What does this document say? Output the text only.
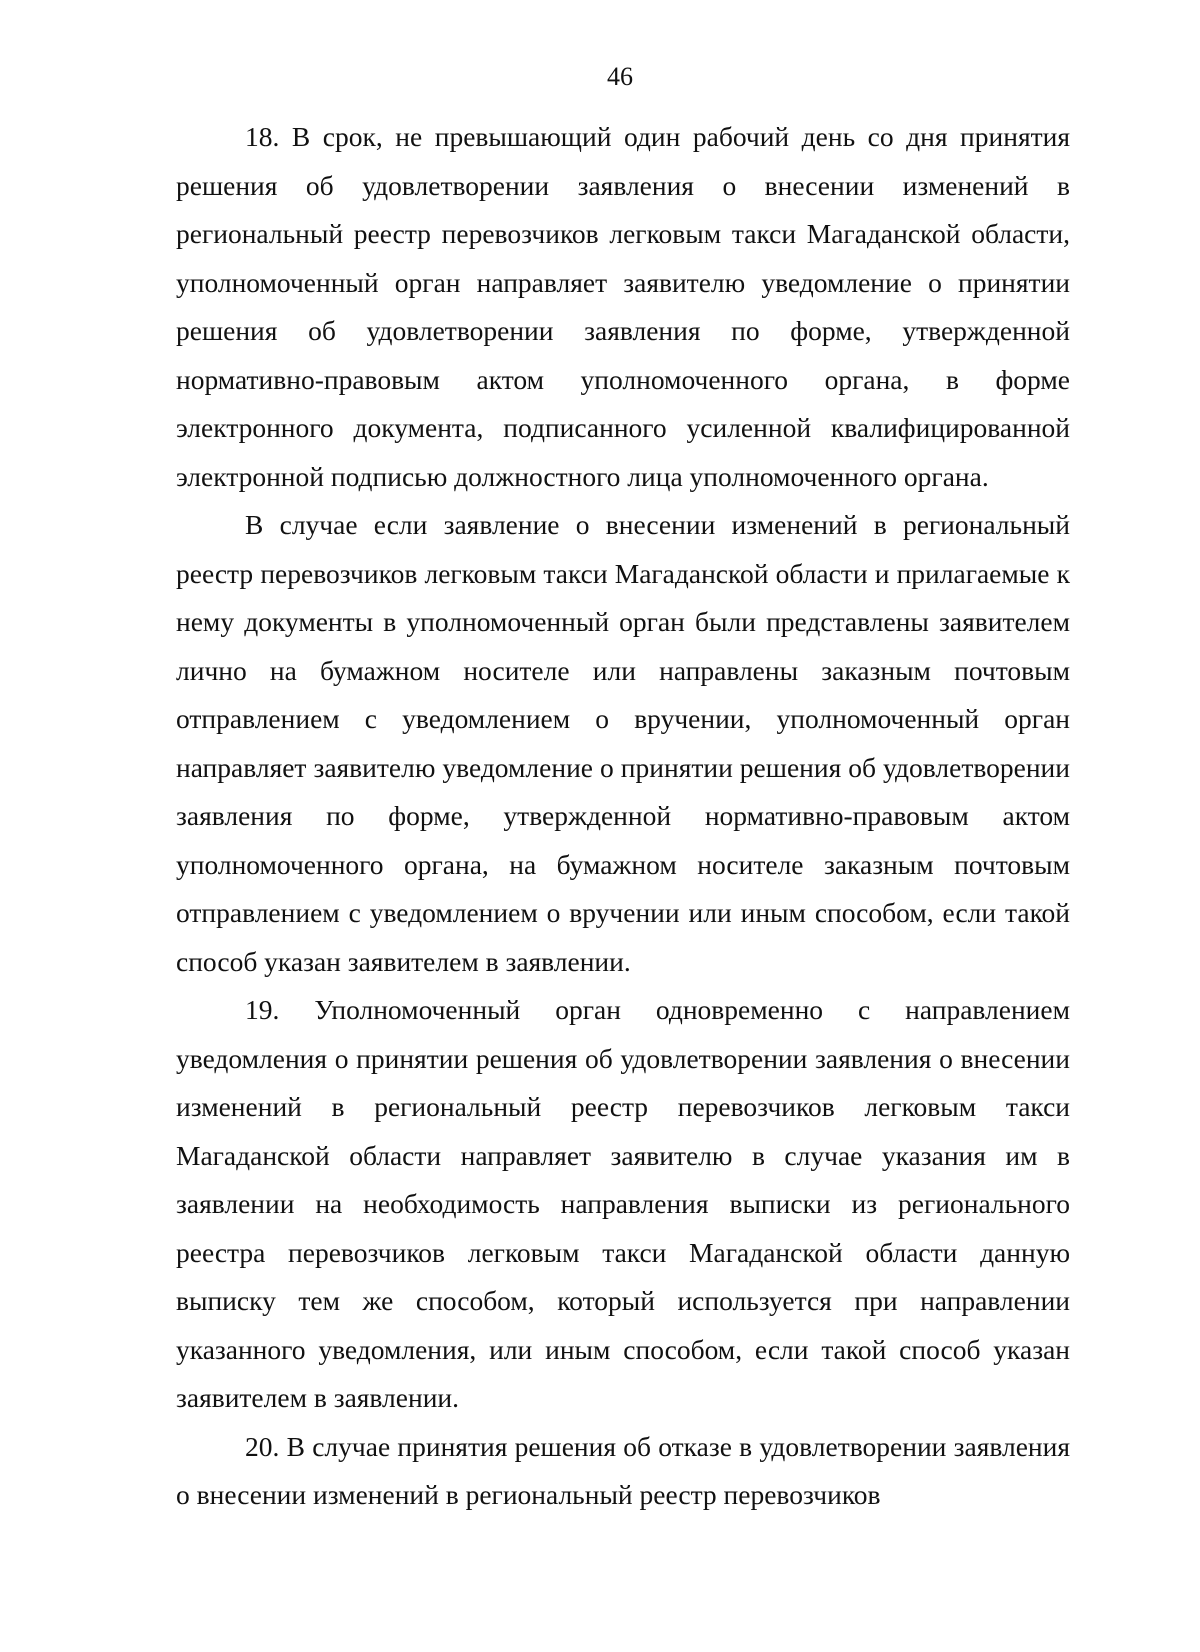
46

18. В срок, не превышающий один рабочий день со дня принятия решения об удовлетворении заявления о внесении изменений в региональный реестр перевозчиков легковым такси Магаданской области, уполномоченный орган направляет заявителю уведомление о принятии решения об удовлетворении заявления по форме, утвержденной нормативно-правовым актом уполномоченного органа, в форме электронного документа, подписанного усиленной квалифицированной электронной подписью должностного лица уполномоченного органа.

В случае если заявление о внесении изменений в региональный реестр перевозчиков легковым такси Магаданской области и прилагаемые к нему документы в уполномоченный орган были представлены заявителем лично на бумажном носителе или направлены заказным почтовым отправлением с уведомлением о вручении, уполномоченный орган направляет заявителю уведомление о принятии решения об удовлетворении заявления по форме, утвержденной нормативно-правовым актом уполномоченного органа, на бумажном носителе заказным почтовым отправлением с уведомлением о вручении или иным способом, если такой способ указан заявителем в заявлении.

19. Уполномоченный орган одновременно с направлением уведомления о принятии решения об удовлетворении заявления о внесении изменений в региональный реестр перевозчиков легковым такси Магаданской области направляет заявителю в случае указания им в заявлении на необходимость направления выписки из регионального реестра перевозчиков легковым такси Магаданской области данную выписку тем же способом, который используется при направлении указанного уведомления, или иным способом, если такой способ указан заявителем в заявлении.

20. В случае принятия решения об отказе в удовлетворении заявления о внесении изменений в региональный реестр перевозчиков
